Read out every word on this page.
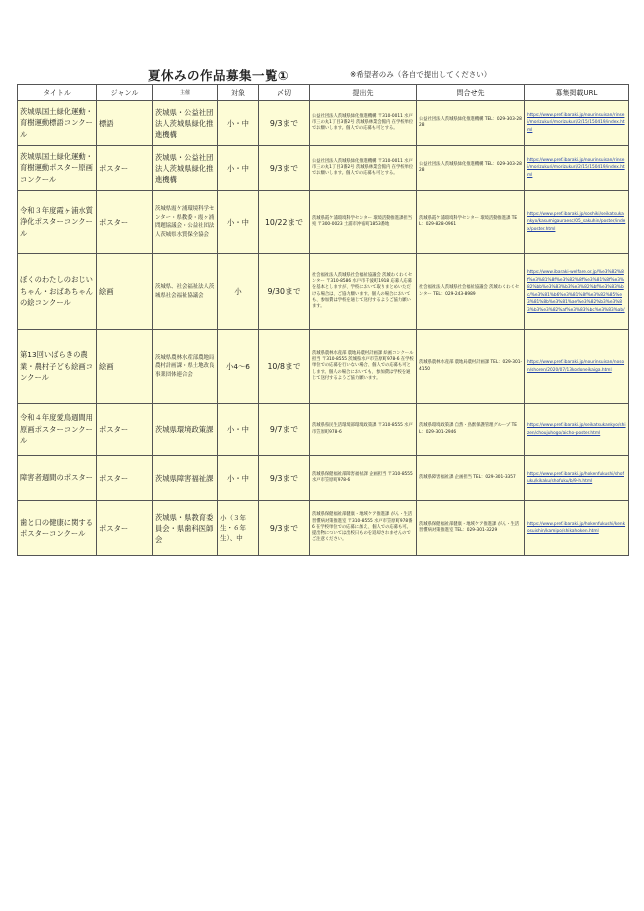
夏休みの作品募集一覧①	※希望者のみ（各自で提出してください）
タイトル	ジャンル	主催	対象	〆切	提出先	問合せ先	募集掲載URL
茨城県国土緑化運動・育樹運動標語コンクール	標語	茨城県・公益社団法人茨城県緑化推進機構	小・中	9/3まで	公益社団法人茨城県緑化推進機構 〒310-0011 水戸市三の丸1丁目3番2号 茨城県林業会館内 在学校単位でお願いします。個人での応募も可とする。	公益社団法人茨城県緑化推進機構 TEL：029-303-2828	https://www.pref.ibaraki.jp/nourinsuisan/rinsei/morizukuri/morizukuri/2/15/150419/index.html
茨城県国土緑化運動・育樹運動ポスター原画コンクール	ポスター	茨城県・公益社団法人茨城県緑化推進機構	小・中	9/3まで	公益社団法人茨城県緑化推進機構 〒310-0011 水戸市三の丸1丁目3番2号 茨城県林業会館内 在学校単位でお願いします。個人での応募も可とする。	公益社団法人茨城県緑化推進機構 TEL：029-303-2828	https://www.pref.ibaraki.jp/nourinsuisan/rinsei/morizukuri/morizukuri/2/15/150419/index.html
令和３年度霞ヶ浦水質浄化ポスターコンクール	ポスター	茨城県霞ケ浦環境科学センター・県教委・霞ヶ浦問題協議会・公益社団法人茨城県水質保全協会	小・中	10/22まで	茨城県霞ケ浦環境科学センター 環境活動推進課担当宛 〒300-0023 土浦市沖宿町1853番地	茨城県霞ケ浦環境科学センター 環境活動推進課 TEL：029-828-0961	https://www.pref.ibaraki.jp/soshiki/seikatsukankyo/kasumigauraesc/05_sakuhin/poster/index/poster.html
ぼくのわたしのおじいちゃん・おばあちゃんの絵コンクール	絵画	茨城県、社会福祉法人茨城県社会福祉協議会	小	9/30まで	社会福祉法人茨城県社会福祉協議会 茨城わくわくセンター 〒310-8586 水戸市千波町1918 応募人応募を基本としますが、学校において取りまとめいただける場合は、ご協力願います。個人の場合においても、参加費は学校を通じて送付するようご協力願います。	社会福祉法人茨城県社会福祉協議会 茨城わくわくセンター TEL：029-243-8989	https://www.ibaraki-welfare.or.jp/%e3%82%8f%e3%81%8f%e3%82%8f%e3%81%8f%e3%82%bb%e3%83%b3%e3%82%bf%e3%83%bc/%e3%81%b6%e3%81%8f%e3%82%85%e3%81%8b%e3%81%ae%e3%82%b3%e3%83%b3%e3%82%af%e3%83%bc%e3%83%ab/
第13回いばらきの農業・農村子ども絵画コンクール	絵画	茨城県農林水産部農地局農村計画課・県土地改良事業団体連合会	小4〜6	10/8まで	茨城県農林水産部 農地局農村計画課 絵画コンクール担当 〒310-8555 茨城県水戸市笠原町978-6 在学校単位での応募を行いない場合、個人での応募も可とします。個人の場合においても、参加費は学校を通じて送付するようご協力願います。	茨城県農林水産部 農地局農村計画課 TEL：029-301-4150	https://www.pref.ibaraki.jp/nourinsuisan/noson/shoren/2020/07/13kodoneikaiga.html
令和４年度愛鳥週間用原画ポスターコンクール	ポスター	茨城県環境政策課	小・中	9/7まで	茨城県県民生活環境部環境政策課 〒310-8555 水戸市笠原町978-6	茨城県環境政策課 自然・鳥獣保護管理グループ TEL：029-301-2946	https://www.pref.ibaraki.jp/seikatsukankyo/shizen/choujuhogo/aicho-poster.html
障害者週間のポスター	ポスター	茨城県障害福祉課	小・中	9/3まで	茨城県保健福祉部障害福祉課 企画担当 〒310-8555 水戸市笠原町978-6	茨城県障害福祉課 企画担当 TEL：029-301-3357	https://www.pref.ibaraki.jp/hokenfukushi/shofuku/kikaku/shofuku/b/9-h.html
歯と口の健康に関するポスターコンクール	ポスター	茨城県・県教育委員会・県歯科医師会	小（３年生・６年生）、中	9/3まで	茨城県保健福祉部健康・地域ケア推進課 がん・生活習慣病対策推進室 〒310-8555 水戸市笠原町978番6 在学校単位での応募に加え、個人での応募も可。提出物については出校日ものを返却されませんのでご注意ください。	茨城県保健福祉部健康・地域ケア推進課 がん・生活習慣病対策推進室 TEL：029-301-3229	https://www.pref.ibaraki.jp/hokenfukushi/kenkosuishin/kamipo/shikahoken.html
